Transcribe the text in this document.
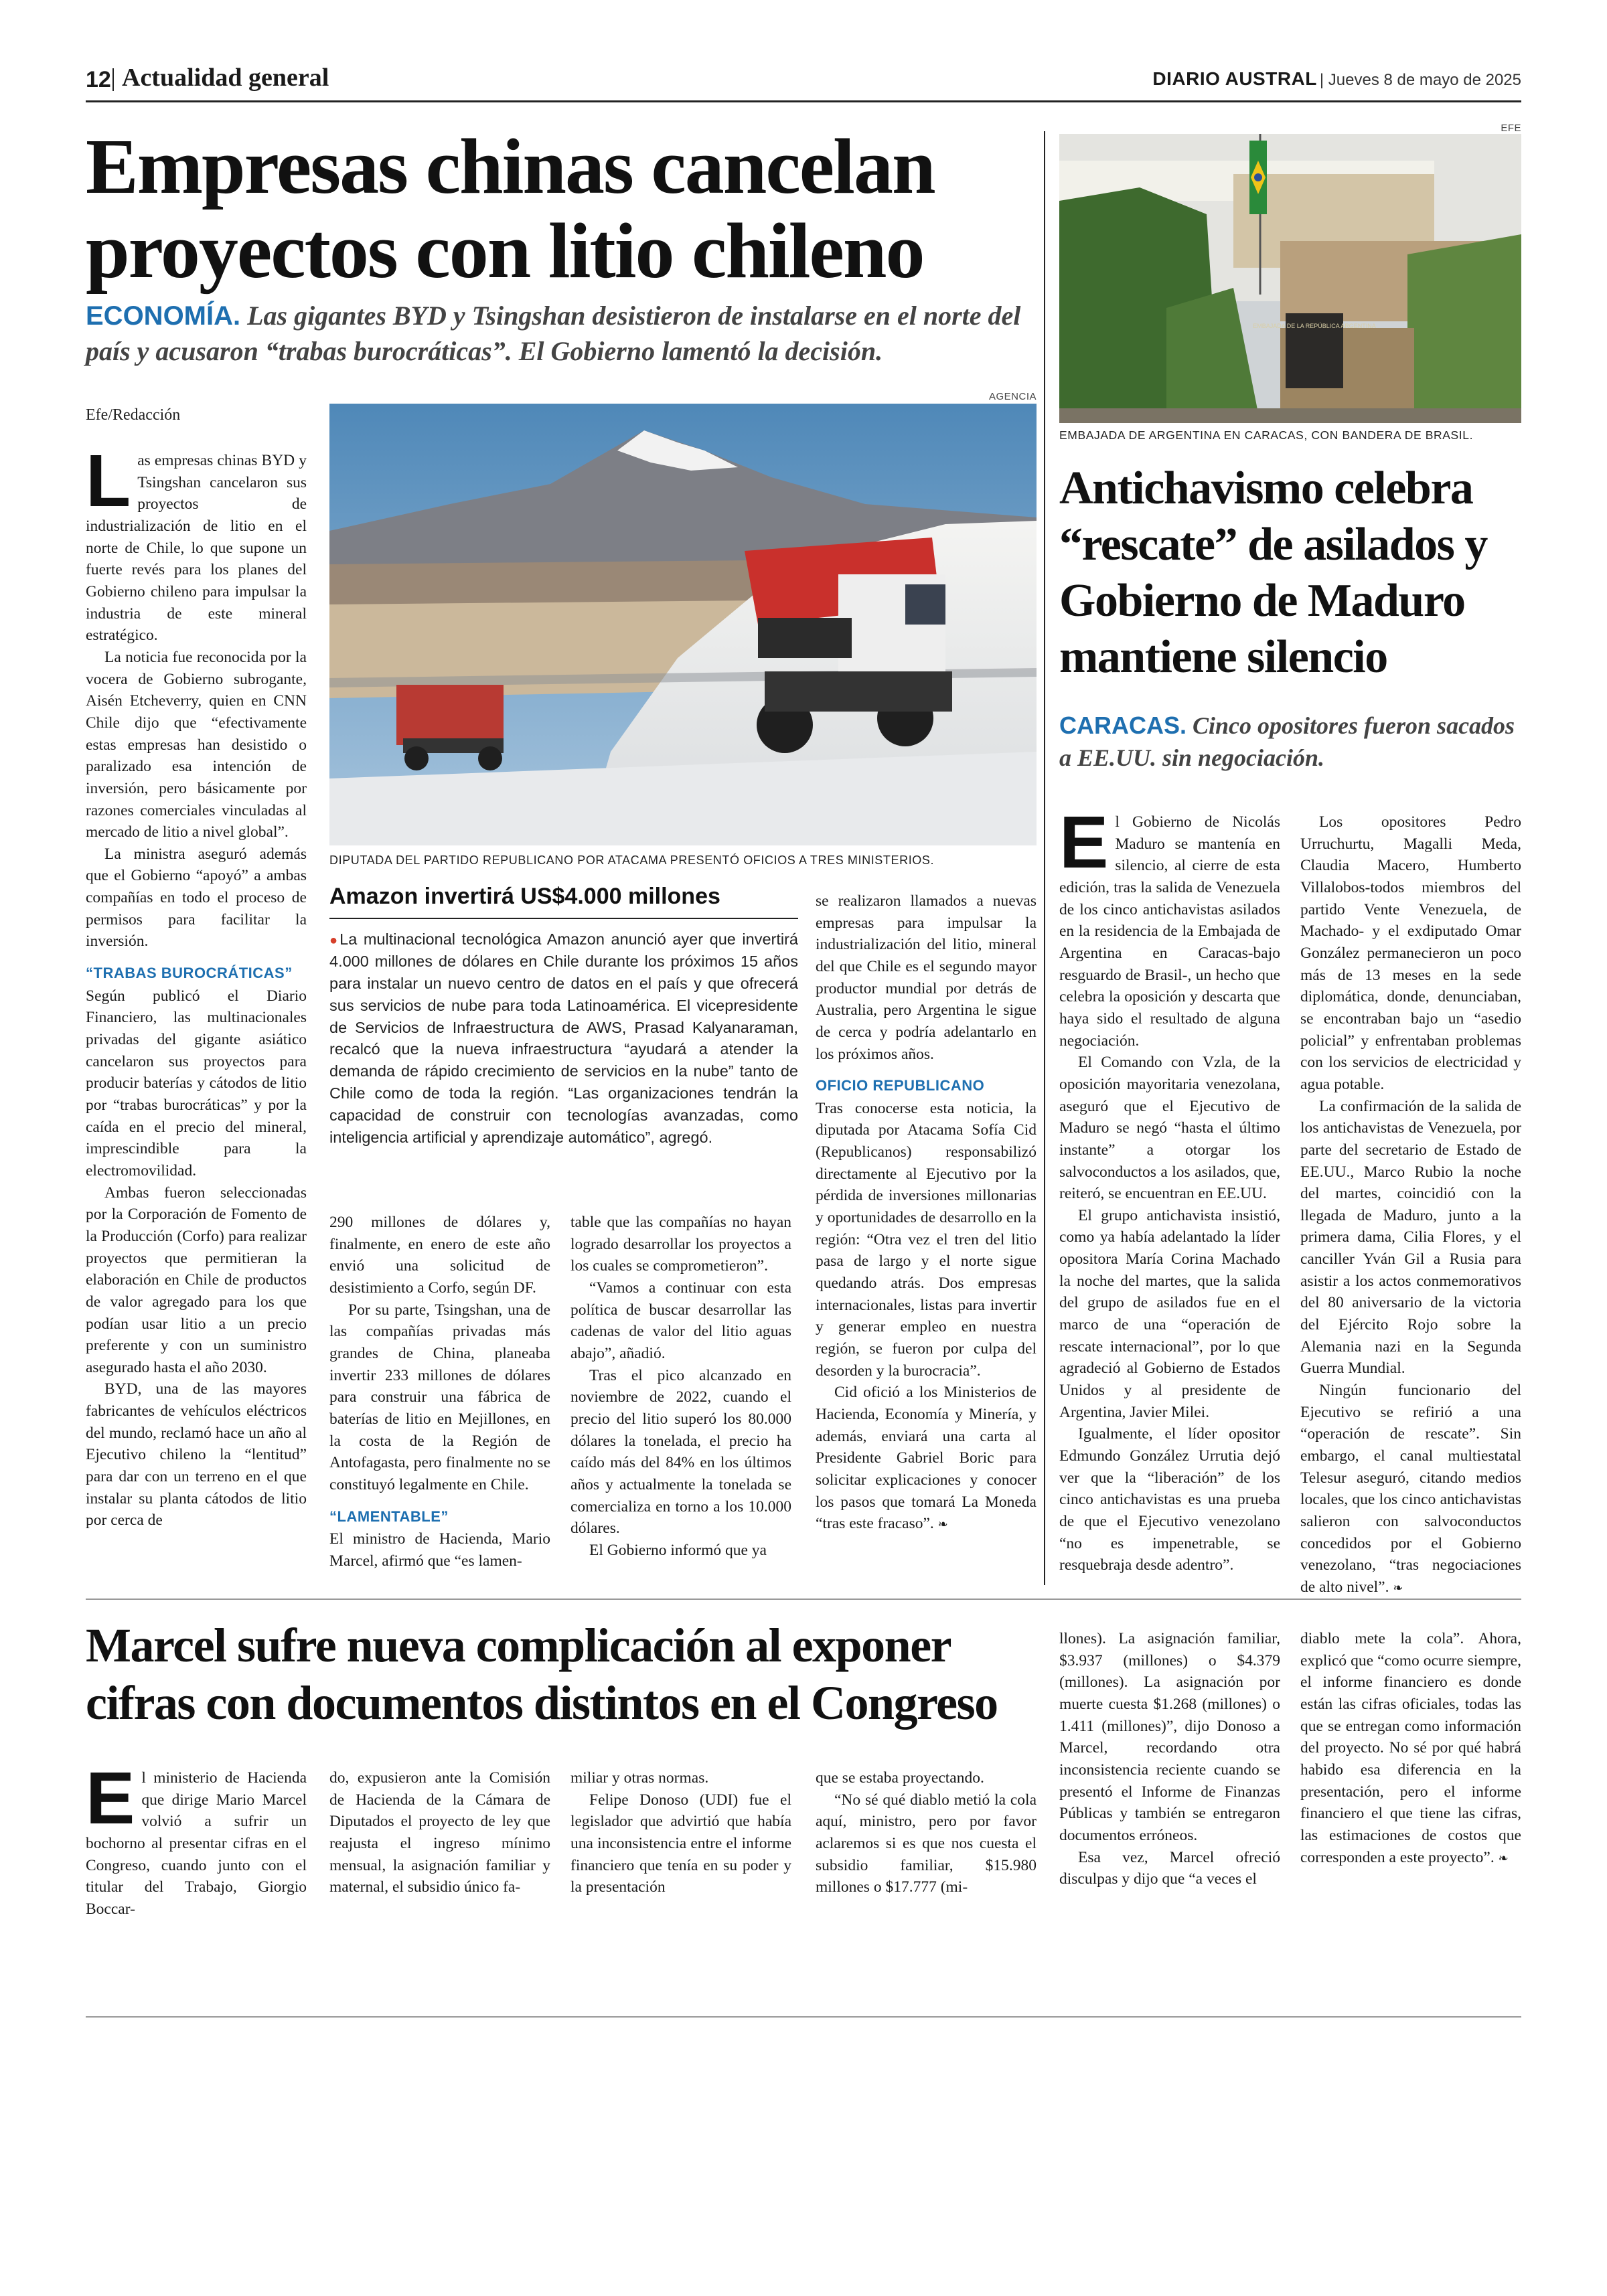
12 Actualidad general	DIARIO AUSTRAL | Jueves 8 de mayo de 2025
Empresas chinas cancelan proyectos con litio chileno
ECONOMÍA. Las gigantes BYD y Tsingshan desistieron de instalarse en el norte del país y acusaron “trabas burocráticas”. El Gobierno lamentó la decisión.
Efe/Redacción
AGENCIA
DIPUTADA DEL PARTIDO REPUBLICANO POR ATACAMA PRESENTÓ OFICIOS A TRES MINISTERIOS.

Las empresas chinas BYD y Tsingshan cancelaron sus proyectos de industrialización de litio en el norte de Chile, lo que supone un fuerte revés para los planes del Gobierno chileno para impulsar la industria de este mineral estratégico.

La noticia fue reconocida por la vocera de Gobierno subrogante, Aisén Etcheverry, quien en CNN Chile dijo que “efectivamente estas empresas han desistido o paralizado esa intención de inversión, pero básicamente por razones comerciales vinculadas al mercado de litio a nivel global”.

La ministra aseguró además que el Gobierno “apoyó” a ambas compañías en todo el proceso de permisos para facilitar la inversión.

“TRABAS BUROCRÁTICAS”

Según publicó el Diario Financiero, las multinacionales privadas del gigante asiático cancelaron sus proyectos para producir baterías y cátodos de litio por “trabas burocráticas” y por la caída en el precio del mineral, imprescindible para la electromovilidad.

Ambas fueron seleccionadas por la Corporación de Fomento de la Producción (Corfo) para realizar proyectos que permitieran la elaboración en Chile de productos de valor agregado para los que podían usar litio a un precio preferente y con un suministro asegurado hasta el año 2030.

BYD, una de las mayores fabricantes de vehículos eléctricos del mundo, reclamó hace un año al Ejecutivo chileno la “lentitud” para dar con un terreno en el que instalar su planta cátodos de litio por cerca de

Amazon invertirá US$4.000 millones
●La multinacional tecnológica Amazon anunció ayer que invertirá 4.000 millones de dólares en Chile durante los próximos 15 años para instalar un nuevo centro de datos en el país y que ofrecerá sus servicios de nube para toda Latinoamérica. El vicepresidente de Servicios de Infraestructura de AWS, Prasad Kalyanaraman, recalcó que la nueva infraestructura “ayudará a atender la demanda de rápido crecimiento de servicios en la nube” tanto de Chile como de toda la región. “Las organizaciones tendrán la capacidad de construir con tecnologías avanzadas, como inteligencia artificial y aprendizaje automático”, agregó.

290 millones de dólares y, finalmente, en enero de este año envió una solicitud de desistimiento a Corfo, según DF.

Por su parte, Tsingshan, una de las compañías privadas más grandes de China, planeaba invertir 233 millones de dólares para construir una fábrica de baterías de litio en Mejillones, en la costa de la Región de Antofagasta, pero finalmente no se constituyó legalmente en Chile.

“LAMENTABLE”

El ministro de Hacienda, Mario Marcel, afirmó que “es lamen-

table que las compañías no hayan logrado desarrollar los proyectos a los cuales se comprometieron”.

“Vamos a continuar con esta política de buscar desarrollar las cadenas de valor del litio aguas abajo”, añadió.

Tras el pico alcanzado en noviembre de 2022, cuando el precio del litio superó los 80.000 dólares la tonelada, el precio ha caído más del 84% en los últimos años y actualmente la tonelada se comercializa en torno a los 10.000 dólares.

El Gobierno informó que ya

se realizaron llamados a nuevas empresas para impulsar la industrialización del litio, mineral del que Chile es el segundo mayor productor mundial por detrás de Australia, pero Argentina le sigue de cerca y podría adelantarlo en los próximos años.

OFICIO REPUBLICANO

Tras conocerse esta noticia, la diputada por Atacama Sofía Cid (Republicanos) responsabilizó directamente al Ejecutivo por la pérdida de inversiones millonarias y oportunidades de desarrollo en la región: “Otra vez el tren del litio pasa de largo y el norte sigue quedando atrás. Dos empresas internacionales, listas para invertir y generar empleo en nuestra región, se fueron por culpa del desorden y la burocracia”.

Cid ofició a los Ministerios de Hacienda, Economía y Minería, y además, enviará una carta al Presidente Gabriel Boric para solicitar explicaciones y conocer los pasos que tomará La Moneda “tras este fracaso”. ❧

EFE
EMBAJADA DE LA REPÚBLICA ARGENTINA
EMBAJADA DE ARGENTINA EN CARACAS, CON BANDERA DE BRASIL.
Antichavismo celebra “rescate” de asilados y Gobierno de Maduro mantiene silencio
CARACAS. Cinco opositores fueron sacados a EE.UU. sin negociación.

El Gobierno de Nicolás Maduro se mantenía en silencio, al cierre de esta edición, tras la salida de Venezuela de los cinco antichavistas asilados en la residencia de la Embajada de Argentina en Caracas-bajo resguardo de Brasil-, un hecho que celebra la oposición y descarta que haya sido el resultado de alguna negociación.

El Comando con Vzla, de la oposición mayoritaria venezolana, aseguró que el Ejecutivo de Maduro se negó “hasta el último instante” a otorgar los salvoconductos a los asilados, que, reiteró, se encuentran en EE.UU.

El grupo antichavista insistió, como ya había adelantado la líder opositora María Corina Machado la noche del martes, que la salida del grupo de asilados fue en el marco de una “operación de rescate internacional”, por lo que agradeció al Gobierno de Estados Unidos y al presidente de Argentina, Javier Milei.

Igualmente, el líder opositor Edmundo González Urrutia dejó ver que la “liberación” de los cinco antichavistas es una prueba de que el Ejecutivo venezolano “no es impenetrable, se resquebraja desde adentro”.

Los opositores Pedro Urruchurtu, Magalli Meda, Claudia Macero, Humberto Villalobos-todos miembros del partido Vente Venezuela, de Machado- y el exdiputado Omar González permanecieron un poco más de 13 meses en la sede diplomática, donde, denunciaban, se encontraban bajo un “asedio policial” y enfrentaban problemas con los servicios de electricidad y agua potable.

La confirmación de la salida de los antichavistas de Venezuela, por parte del secretario de Estado de EE.UU., Marco Rubio la noche del martes, coincidió con la llegada de Maduro, junto a la primera dama, Cilia Flores, y el canciller Yván Gil a Rusia para asistir a los actos conmemorativos del 80 aniversario de la victoria del Ejército Rojo sobre la Alemania nazi en la Segunda Guerra Mundial.

Ningún funcionario del Ejecutivo se refirió a una “operación de rescate”. Sin embargo, el canal multiestatal Telesur aseguró, citando medios locales, que los cinco antichavistas salieron con salvoconductos concedidos por el Gobierno venezolano, “tras negociaciones de alto nivel”. ❧

Marcel sufre nueva complicación al exponer cifras con documentos distintos en el Congreso

El ministerio de Hacienda que dirige Mario Marcel volvió a sufrir un bochorno al presentar cifras en el Congreso, cuando junto con el titular del Trabajo, Giorgio Boccar-

do, expusieron ante la Comisión de Hacienda de la Cámara de Diputados el proyecto de ley que reajusta el ingreso mínimo mensual, la asignación familiar y maternal, el subsidio único fa-

miliar y otras normas.

Felipe Donoso (UDI) fue el legislador que advirtió que había una inconsistencia entre el informe financiero que tenía en su poder y la presentación

que se estaba proyectando.

“No sé qué diablo metió la cola aquí, ministro, pero por favor aclaremos si es que nos cuesta el subsidio familiar, $15.980 millones o $17.777 (mi-

llones). La asignación familiar, $3.937 (millones) o $4.379 (millones). La asignación por muerte cuesta $1.268 (millones) o 1.411 (millones)”, dijo Donoso a Marcel, recordando otra inconsistencia reciente cuando se presentó el Informe de Finanzas Públicas y también se entregaron documentos erróneos.

Esa vez, Marcel ofreció disculpas y dijo que “a veces el

diablo mete la cola”. Ahora, explicó que “como ocurre siempre, el informe financiero es donde están las cifras oficiales, todas las que se entregan como información del proyecto. No sé por qué habrá habido esa diferencia en la presentación, pero el informe financiero el que tiene las cifras, las estimaciones de costos que corresponden a este proyecto”. ❧
